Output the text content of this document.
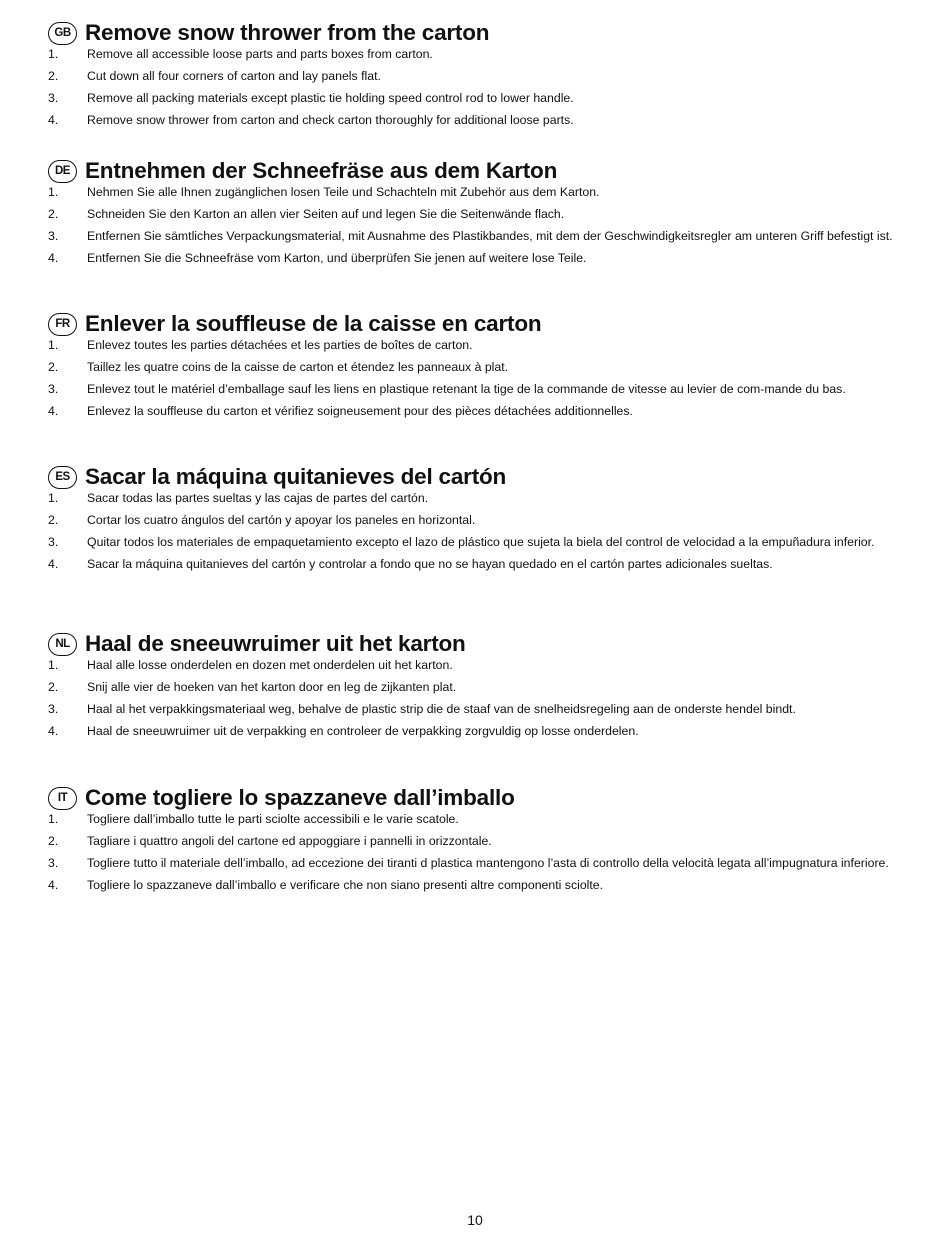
GB Remove snow thrower from the carton
1.	Remove all accessible loose parts and parts boxes from carton.
2.	Cut down all four corners of carton and lay panels flat.
3.	Remove all packing materials except plastic tie holding speed control rod to lower handle.
4.	Remove snow thrower from carton and check carton thoroughly for additional loose parts.
DE Entnehmen der Schneefräse aus dem Karton
1.	Nehmen Sie alle Ihnen zugänglichen losen Teile und Schachteln mit Zubehör aus dem Karton.
2.	Schneiden Sie den Karton an allen vier Seiten auf und legen Sie die Seitenwände flach.
3.	Entfernen Sie sämtliches Verpackungsmaterial, mit Ausnahme des Plastikbandes, mit dem der Geschwindigkeitsregler am unteren Griff befestigt ist.
4.	Entfernen Sie die Schneefräse vom Karton, und überprüfen Sie jenen auf weitere lose Teile.
FR Enlever la souffleuse de la caisse en carton
1.	Enlevez toutes les parties détachées et les parties de boîtes de carton.
2.	Taillez les quatre coins de la caisse de carton et étendez les panneaux à plat.
3.	Enlevez tout le matériel d’emballage sauf les liens en plastique retenant la tige de la commande de vitesse au levier de com-mande du bas.
4.	Enlevez la souffleuse du carton et vérifiez soigneusement pour des pièces détachées additionnelles.
ES Sacar la máquina quitanieves del cartón
1.	Sacar todas las partes sueltas y las cajas de partes del cartón.
2.	Cortar los cuatro ángulos del cartón y apoyar los paneles en horizontal.
3.	Quitar todos los materiales de empaquetamiento excepto el lazo de plástico que sujeta la biela del control de velocidad a la empuñadura inferior.
4.	Sacar la máquina quitanieves del cartón y controlar a fondo que no se hayan quedado en el cartón partes adicionales sueltas.
NL Haal de sneeuwruimer uit het karton
1.	Haal alle losse onderdelen en dozen met onderdelen uit het karton.
2.	Snij alle vier de hoeken van het karton door en leg de zijkanten plat.
3.	Haal al het verpakkingsmateriaal weg, behalve de plastic strip die de staaf van de snelheidsregeling aan de onderste hendel bindt.
4.	Haal de sneeuwruimer uit de verpakking en controleer de verpakking zorgvuldig op losse onderdelen.
IT Come togliere lo spazzaneve dall’imballo
1.	Togliere dall’imballo tutte le parti sciolte accessibili e le varie scatole.
2.	Tagliare i quattro angoli del cartone ed appoggiare i pannelli in orizzontale.
3.	Togliere tutto il materiale dell’imballo, ad eccezione dei tiranti d plastica mantengono l’asta di controllo della velocità legata all’impugnatura inferiore.
4.	Togliere lo spazzaneve dall’imballo e verificare che non siano presenti altre componenti sciolte.
10
